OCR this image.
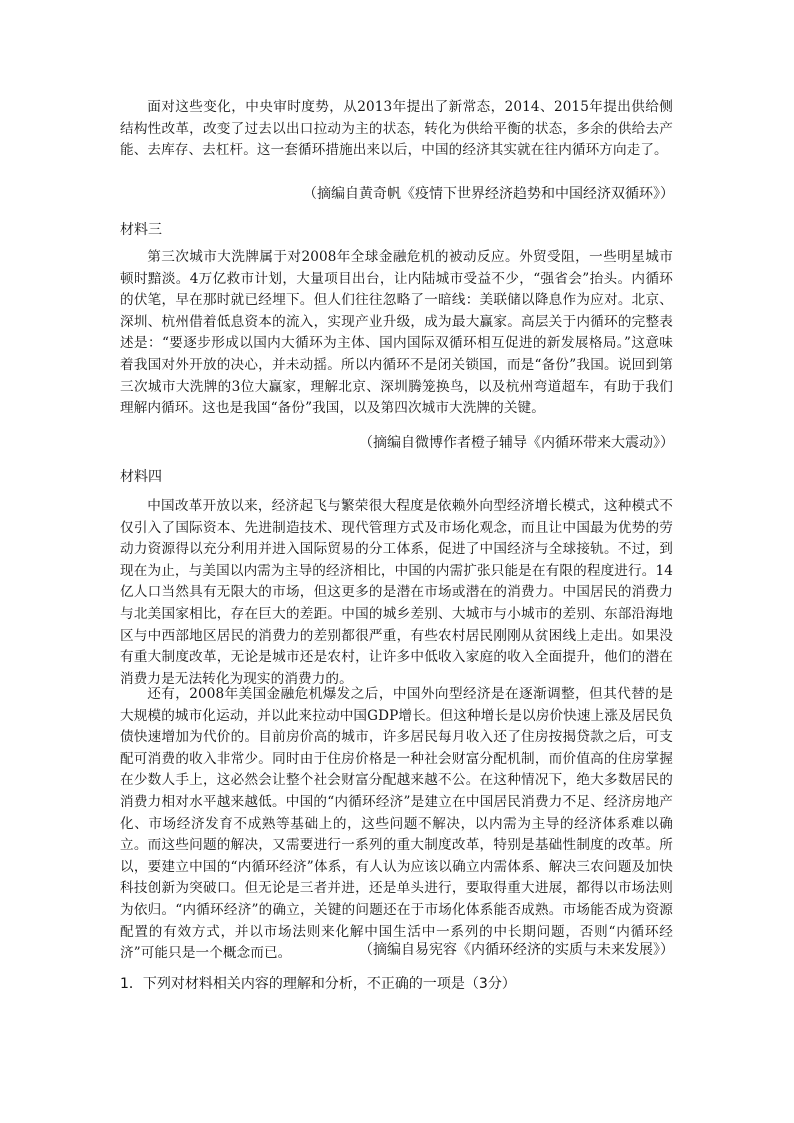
面对这些变化，中央审时度势，从2013年提出了新常态，2014、2015年提出供给侧结构性改革，改变了过去以出口拉动为主的状态，转化为供给平衡的状态，多余的供给去产能、去库存、去杠杆。这一套循环措施出来以后，中国的经济其实就在往内循环方向走了。

（摘编自黄奇帆《疫情下世界经济趋势和中国经济双循环》）

材料三

第三次城市大洗牌属于对2008年全球金融危机的被动反应。外贸受阻，一些明星城市顿时黯淡。4万亿救市计划，大量项目出台，让内陆城市受益不少，“强省会”抬头。内循环的伏笔，早在那时就已经埋下。但人们往往忽略了一暗线：美联储以降息作为应对。北京、深圳、杭州借着低息资本的流入，实现产业升级，成为最大赢家。高层关于内循环的完整表述是：“要逐步形成以国内大循环为主体、国内国际双循环相互促进的新发展格局。”这意味着我国对外开放的决心，并未动摇。所以内循环不是闭关锁国，而是“备份”我国。说回到第三次城市大洗牌的3位大赢家，理解北京、深圳腾笼换鸟，以及杭州弯道超车，有助于我们理解内循环。这也是我国“备份”我国，以及第四次城市大洗牌的关键。

（摘编自微博作者橙子辅导《内循环带来大震动》）

材料四

中国改革开放以来，经济起飞与繁荣很大程度是依赖外向型经济增长模式，这种模式不仅引入了国际资本、先进制造技术、现代管理方式及市场化观念，而且让中国最为优势的劳动力资源得以充分利用并进入国际贸易的分工体系，促进了中国经济与全球接轨。不过，到现在为止，与美国以内需为主导的经济相比，中国的内需扩张只能是在有限的程度进行。14亿人口当然具有无限大的市场，但这更多的是潜在市场或潜在的消费力。中国居民的消费力与北美国家相比，存在巨大的差距。中国的城乡差别、大城市与小城市的差别、东部沿海地区与中西部地区居民的消费力的差别都很严重，有些农村居民刚刚从贫困线上走出。如果没有重大制度改革，无论是城市还是农村，让许多中低收入家庭的收入全面提升，他们的潜在消费力是无法转化为现实的消费力的。

还有，2008年美国金融危机爆发之后，中国外向型经济是在逐渐调整，但其代替的是大规模的城市化运动，并以此来拉动中国GDP增长。但这种增长是以房价快速上涨及居民负债快速增加为代价的。目前房价高的城市，许多居民每月收入还了住房按揭贷款之后，可支配可消费的收入非常少。同时由于住房价格是一种社会财富分配机制，而价值高的住房掌握在少数人手上，这必然会让整个社会财富分配越来越不公。在这种情况下，绝大多数居民的消费力相对水平越来越低。中国的“内循环经济”是建立在中国居民消费力不足、经济房地产化、市场经济发育不成熟等基础上的，这些问题不解决，以内需为主导的经济体系难以确立。而这些问题的解决，又需要进行一系列的重大制度改革，特别是基础性制度的改革。所以，要建立中国的“内循环经济”体系，有人认为应该以确立内需体系、解决三农问题及加快科技创新为突破口。但无论是三者并进，还是单头进行，要取得重大进展，都得以市场法则为依归。“内循环经济”的确立，关键的问题还在于市场化体系能否成熟。市场能否成为资源配置的有效方式，并以市场法则来化解中国生活中一系列的中长期问题，否则“内循环经济”可能只是一个概念而已。	（摘编自易宪容《内循环经济的实质与未来发展》）

1．下列对材料相关内容的理解和分析，不正确的一项是（3分）
